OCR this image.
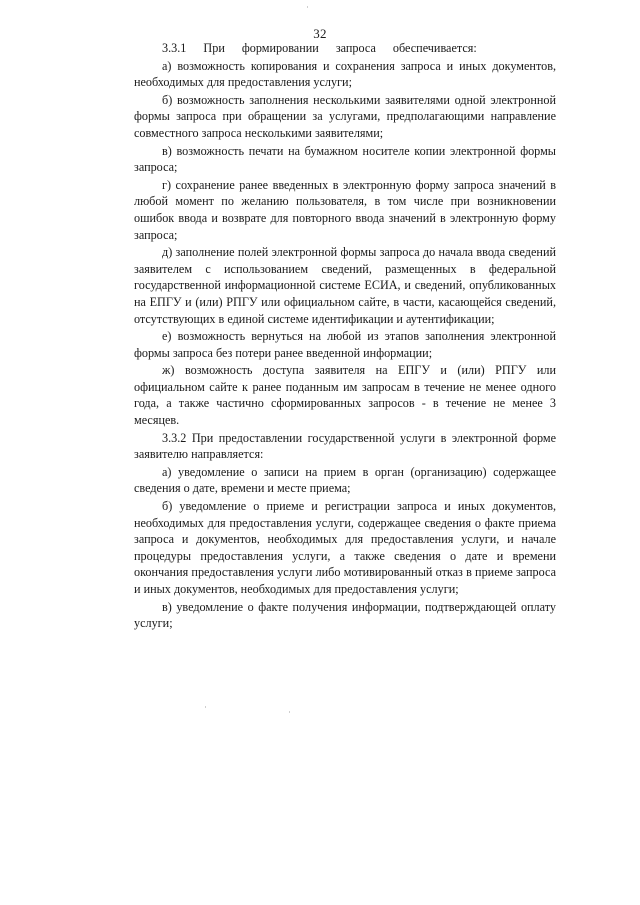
32

3.3.1 При формировании запроса обеспечивается:

а) возможность копирования и сохранения запроса и иных документов, необходимых для предоставления услуги;

б) возможность заполнения несколькими заявителями одной электронной формы запроса при обращении за услугами, предполагающими направление совместного запроса несколькими заявителями;

в) возможность печати на бумажном носителе копии электронной формы запроса;

г) сохранение ранее введенных в электронную форму запроса значений в любой момент по желанию пользователя, в том числе при возникновении ошибок ввода и возврате для повторного ввода значений в электронную форму запроса;

д) заполнение полей электронной формы запроса до начала ввода сведений заявителем с использованием сведений, размещенных в федеральной государственной информационной системе ЕСИА, и сведений, опубликованных на ЕПГУ и (или) РПГУ или официальном сайте, в части, касающейся сведений, отсутствующих в единой системе идентификации и аутентификации;

е) возможность вернуться на любой из этапов заполнения электронной формы запроса без потери ранее введенной информации;

ж) возможность доступа заявителя на ЕПГУ и (или) РПГУ или официальном сайте к ранее поданным им запросам в течение не менее одного года, а также частично сформированных запросов - в течение не менее 3 месяцев.

3.3.2 При предоставлении государственной услуги в электронной форме заявителю направляется:

а) уведомление о записи на прием в орган (организацию) содержащее сведения о дате, времени и месте приема;

б) уведомление о приеме и регистрации запроса и иных документов, необходимых для предоставления услуги, содержащее сведения о факте приема запроса и документов, необходимых для предоставления услуги, и начале процедуры предоставления услуги, а также сведения о дате и времени окончания предоставления услуги либо мотивированный отказ в приеме запроса и иных документов, необходимых для предоставления услуги;

в) уведомление о факте получения информации, подтверждающей оплату услуги;
